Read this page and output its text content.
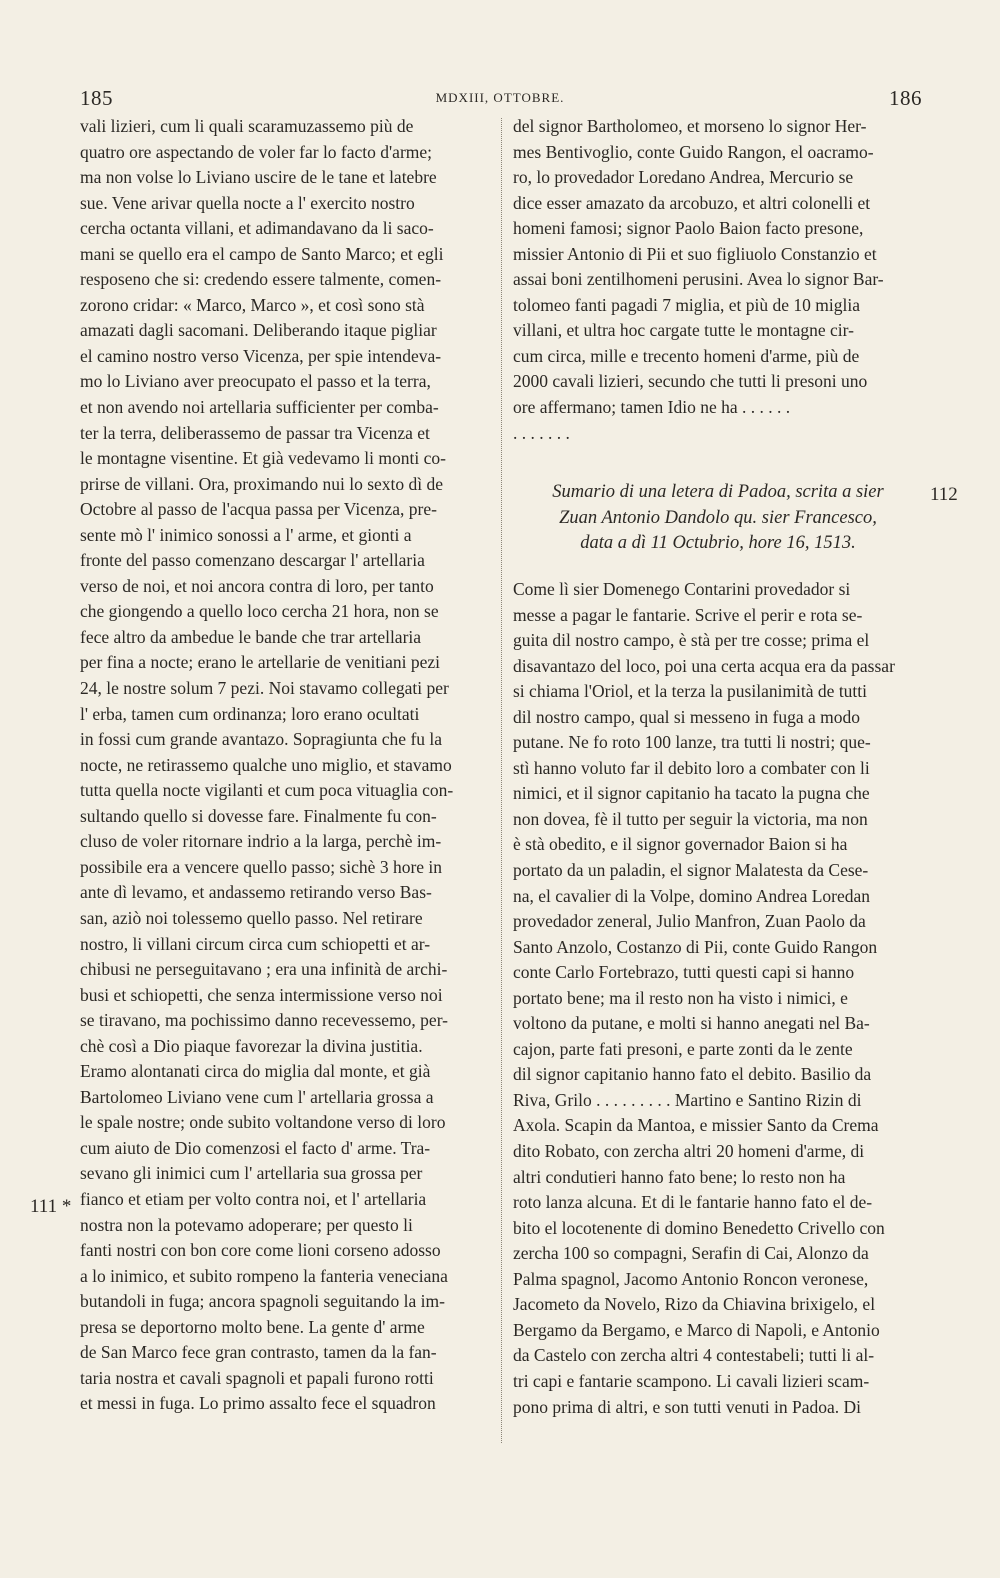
185	MDXIII, OTTOBRE.	186
111 *
112
vali lizieri, cum li quali scaramuzassemo più de
quatro ore aspectando de voler far lo facto d'arme;
ma non volse lo Liviano uscire de le tane et latebre
sue. Vene arivar quella nocte a l' exercito nostro
cercha octanta villani, et adimandavano da li saco-
mani se quello era el campo de Santo Marco; et egli
resposeno che si: credendo essere talmente, comen-
zorono cridar: « Marco, Marco », et così sono stà
amazati dagli sacomani. Deliberando itaque pigliar
el camino nostro verso Vicenza, per spie intendeva-
mo lo Liviano aver preocupato el passo et la terra,
et non avendo noi artellaria sufficienter per comba-
ter la terra, deliberassemo de passar tra Vicenza et
le montagne visentine. Et già vedevamo li monti co-
prirse de villani. Ora, proximando nui lo sexto dì de
Octobre al passo de l'acqua passa per Vicenza, pre-
sente mò l' inimico sonossi a l' arme, et gionti a
fronte del passo comenzano descargar l' artellaria
verso de noi, et noi ancora contra di loro, per tanto
che giongendo a quello loco cercha 21 hora, non se
fece altro da ambedue le bande che trar artellaria
per fina a nocte; erano le artellarie de venitiani pezi
24, le nostre solum 7 pezi. Noi stavamo collegati per
l' erba, tamen cum ordinanza; loro erano ocultati
in fossi cum grande avantazo. Sopragiunta che fu la
nocte, ne retirassemo qualche uno miglio, et stavamo
tutta quella nocte vigilanti et cum poca vituaglia con-
sultando quello si dovesse fare. Finalmente fu con-
cluso de voler ritornare indrio a la larga, perchè im-
possibile era a vencere quello passo; sichè 3 hore in
ante dì levamo, et andassemo retirando verso Bas-
san, aziò noi tolessemo quello passo. Nel retirare
nostro, li villani circum circa cum schiopetti et ar-
chibusi ne perseguitavano ; era una infinità de archi-
busi et schiopetti, che senza intermissione verso noi
se tiravano, ma pochissimo danno recevessemo, per-
chè così a Dio piaque favorezar la divina justitia.
Eramo alontanati circa do miglia dal monte, et già
Bartolomeo Liviano vene cum l' artellaria grossa a
le spale nostre; onde subito voltandone verso di loro
cum aiuto de Dio comenzosi el facto d' arme. Tra-
sevano gli inimici cum l' artellaria sua grossa per
fianco et etiam per volto contra noi, et l' artellaria
nostra non la potevamo adoperare; per questo li
fanti nostri con bon core come lioni corseno adosso
a lo inimico, et subito rompeno la fanteria veneciana
butandoli in fuga; ancora spagnoli seguitando la im-
presa se deportorno molto bene. La gente d' arme
de San Marco fece gran contrasto, tamen da la fan-
taria nostra et cavali spagnoli et papali furono rotti
et messi in fuga. Lo primo assalto fece el squadron
del signor Bartholomeo, et morseno lo signor Her-
mes Bentivoglio, conte Guido Rangon, el oacramo-
ro, lo provedador Loredano Andrea, Mercurio se
dice esser amazato da arcobuzo, et altri colonelli et
homeni famosi; signor Paolo Baion facto presone,
missier Antonio di Pii et suo figliuolo Constanzio et
assai boni zentilhomeni perusini. Avea lo signor Bar-
tolomeo fanti pagadi 7 miglia, et più de 10 miglia
villani, et ultra hoc cargate tutte le montagne cir-
cum circa, mille e trecento homeni d'arme, più de
2000 cavali lizieri, secundo che tutti li presoni uno
ore affermano; tamen Idio ne ha . . . . . .
. . . . . . .
Sumario di una letera di Padoa, scrita a sier
Zuan Antonio Dandolo qu. sier Francesco,
data a dì 11 Octubrio, hore 16, 1513.
Come lì sier Domenego Contarini provedador si
messe a pagar le fantarie. Scrive el perir e rota se-
guita dil nostro campo, è stà per tre cosse; prima el
disavantazo del loco, poi una certa acqua era da passar
si chiama l'Oriol, et la terza la pusilanimità de tutti
dil nostro campo, qual si messeno in fuga a modo
putane. Ne fo roto 100 lanze, tra tutti li nostri; que-
stì hanno voluto far il debito loro a combater con li
nimici, et il signor capitanio ha tacato la pugna che
non dovea, fè il tutto per seguir la victoria, ma non
è stà obedito, e il signor governador Baion si ha
portato da un paladin, el signor Malatesta da Cese-
na, el cavalier di la Volpe, domino Andrea Loredan
provedador zeneral, Julio Manfron, Zuan Paolo da
Santo Anzolo, Costanzo di Pii, conte Guido Rangon
conte Carlo Fortebrazo, tutti questi capi si hanno
portato bene; ma il resto non ha visto i nimici, e
voltono da putane, e molti si hanno anegati nel Ba-
cajon, parte fati presoni, e parte zonti da le zente
dil signor capitanio hanno fato el debito. Basilio da
Riva, Grilo . . . . . . . . . Martino e Santino Rizin di
Axola. Scapin da Mantoa, e missier Santo da Crema
dito Robato, con zercha altri 20 homeni d'arme, di
altri condutieri hanno fato bene; lo resto non ha
roto lanza alcuna. Et di le fantarie hanno fato el de-
bito el locotenente di domino Benedetto Crivello con
zercha 100 so compagni, Serafin di Cai, Alonzo da
Palma spagnol, Jacomo Antonio Roncon veronese,
Jacometo da Novelo, Rizo da Chiavina brixigelo, el
Bergamo da Bergamo, e Marco di Napoli, e Antonio
da Castelo con zercha altri 4 contestabeli; tutti li al-
tri capi e fantarie scampono. Li cavali lizieri scam-
pono prima di altri, e son tutti venuti in Padoa. Di
